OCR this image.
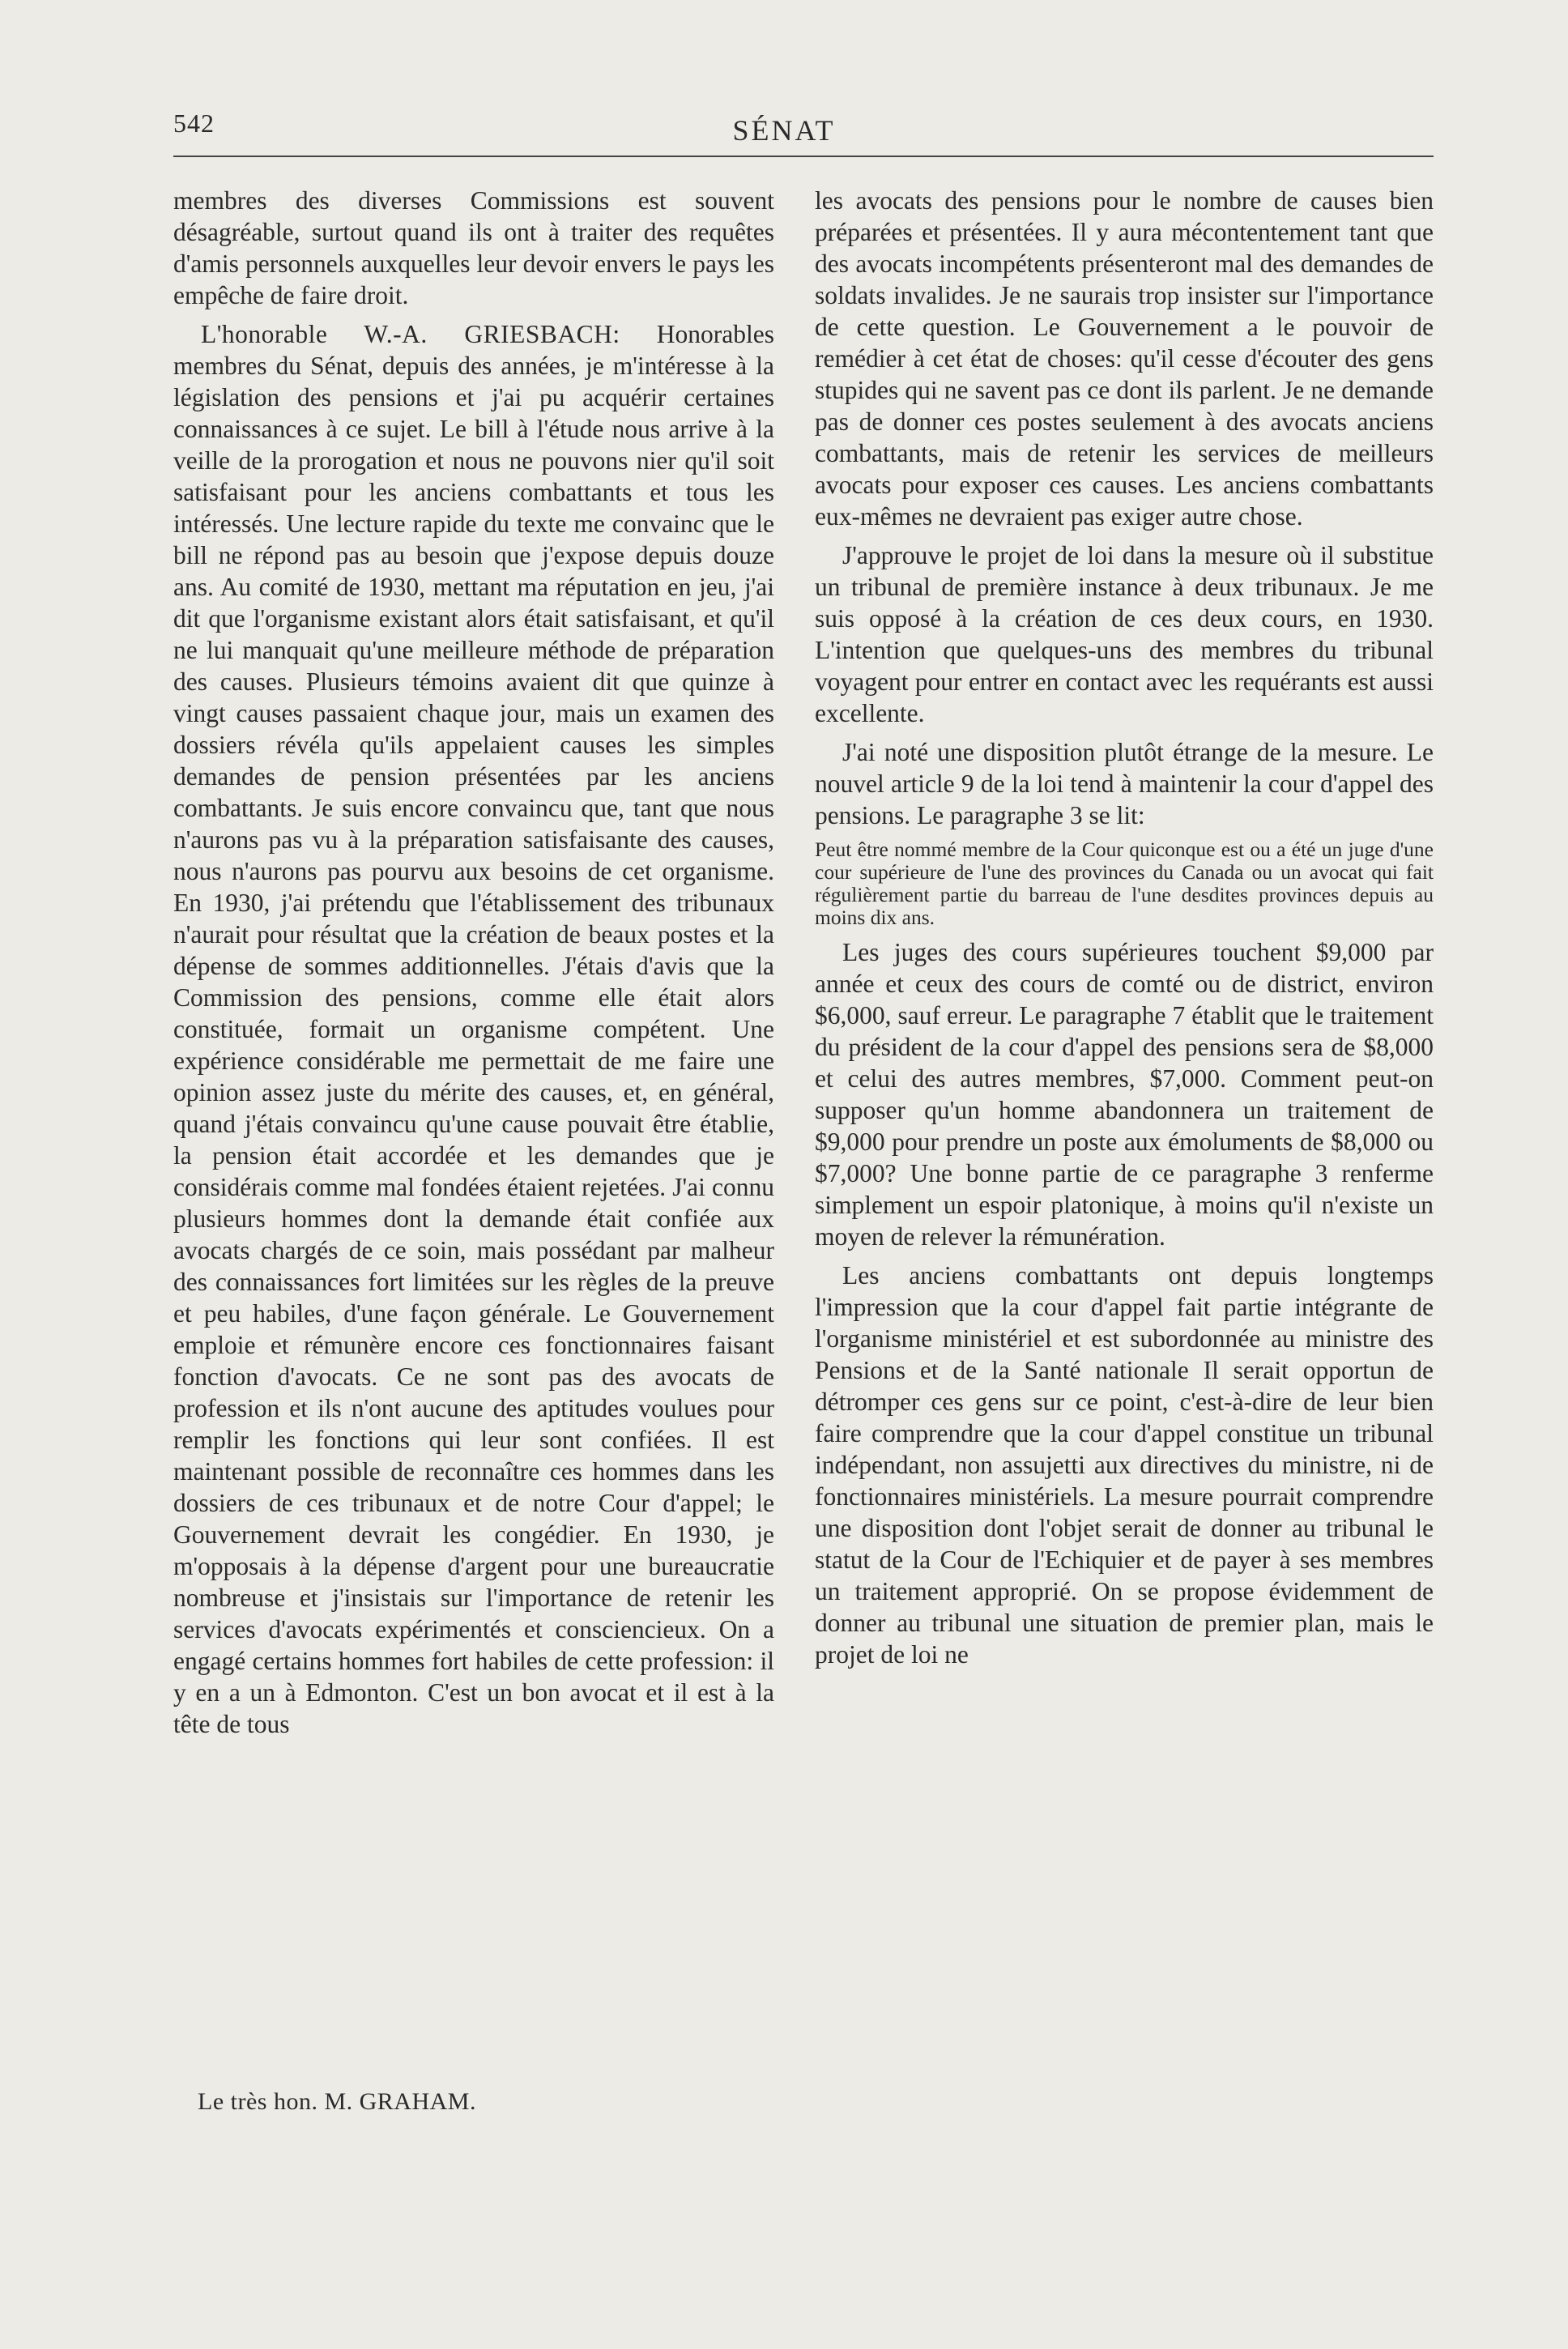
542	SÉNAT

membres des diverses Commissions est souvent désagréable, surtout quand ils ont à traiter des requêtes d'amis personnels auxquelles leur devoir envers le pays les empêche de faire droit.

L'honorable W.-A. GRIESBACH: Honorables membres du Sénat, depuis des années, je m'intéresse à la législation des pensions et j'ai pu acquérir certaines connaissances à ce sujet. Le bill à l'étude nous arrive à la veille de la prorogation et nous ne pouvons nier qu'il soit satisfaisant pour les anciens combattants et tous les intéressés. Une lecture rapide du texte me convainc que le bill ne répond pas au besoin que j'expose depuis douze ans. Au comité de 1930, mettant ma réputation en jeu, j'ai dit que l'organisme existant alors était satisfaisant, et qu'il ne lui manquait qu'une meilleure méthode de préparation des causes. Plusieurs témoins avaient dit que quinze à vingt causes passaient chaque jour, mais un examen des dossiers révéla qu'ils appelaient causes les simples demandes de pension présentées par les anciens combattants. Je suis encore convaincu que, tant que nous n'aurons pas vu à la préparation satisfaisante des causes, nous n'aurons pas pourvu aux besoins de cet organisme. En 1930, j'ai prétendu que l'établissement des tribunaux n'aurait pour résultat que la création de beaux postes et la dépense de sommes additionnelles. J'étais d'avis que la Commission des pensions, comme elle était alors constituée, formait un organisme compétent. Une expérience considérable me permettait de me faire une opinion assez juste du mérite des causes, et, en général, quand j'étais convaincu qu'une cause pouvait être établie, la pension était accordée et les demandes que je considérais comme mal fondées étaient rejetées. J'ai connu plusieurs hommes dont la demande était confiée aux avocats chargés de ce soin, mais possédant par malheur des connaissances fort limitées sur les règles de la preuve et peu habiles, d'une façon générale. Le Gouvernement emploie et rémunère encore ces fonctionnaires faisant fonction d'avocats. Ce ne sont pas des avocats de profession et ils n'ont aucune des aptitudes voulues pour remplir les fonctions qui leur sont confiées. Il est maintenant possible de reconnaître ces hommes dans les dossiers de ces tribunaux et de notre Cour d'appel; le Gouvernement devrait les congédier. En 1930, je m'opposais à la dépense d'argent pour une bureaucratie nombreuse et j'insistais sur l'importance de retenir les services d'avocats expérimentés et consciencieux. On a engagé certains hommes fort habiles de cette profession: il y en a un à Edmonton. C'est un bon avocat et il est à la tête de tous

les avocats des pensions pour le nombre de causes bien préparées et présentées. Il y aura mécontentement tant que des avocats incompétents présenteront mal des demandes de soldats invalides. Je ne saurais trop insister sur l'importance de cette question. Le Gouvernement a le pouvoir de remédier à cet état de choses: qu'il cesse d'écouter des gens stupides qui ne savent pas ce dont ils parlent. Je ne demande pas de donner ces postes seulement à des avocats anciens combattants, mais de retenir les services de meilleurs avocats pour exposer ces causes. Les anciens combattants eux-mêmes ne devraient pas exiger autre chose.

J'approuve le projet de loi dans la mesure où il substitue un tribunal de première instance à deux tribunaux. Je me suis opposé à la création de ces deux cours, en 1930. L'intention que quelques-uns des membres du tribunal voyagent pour entrer en contact avec les requérants est aussi excellente.

J'ai noté une disposition plutôt étrange de la mesure. Le nouvel article 9 de la loi tend à maintenir la cour d'appel des pensions. Le paragraphe 3 se lit:

Peut être nommé membre de la Cour quiconque est ou a été un juge d'une cour supérieure de l'une des provinces du Canada ou un avocat qui fait régulièrement partie du barreau de l'une desdites provinces depuis au moins dix ans.

Les juges des cours supérieures touchent $9,000 par année et ceux des cours de comté ou de district, environ $6,000, sauf erreur. Le paragraphe 7 établit que le traitement du président de la cour d'appel des pensions sera de $8,000 et celui des autres membres, $7,000. Comment peut-on supposer qu'un homme abandonnera un traitement de $9,000 pour prendre un poste aux émoluments de $8,000 ou $7,000? Une bonne partie de ce paragraphe 3 renferme simplement un espoir platonique, à moins qu'il n'existe un moyen de relever la rémunération.

Les anciens combattants ont depuis longtemps l'impression que la cour d'appel fait partie intégrante de l'organisme ministériel et est subordonnée au ministre des Pensions et de la Santé nationale Il serait opportun de détromper ces gens sur ce point, c'est-à-dire de leur bien faire comprendre que la cour d'appel constitue un tribunal indépendant, non assujetti aux directives du ministre, ni de fonctionnaires ministériels. La mesure pourrait comprendre une disposition dont l'objet serait de donner au tribunal le statut de la Cour de l'Echiquier et de payer à ses membres un traitement approprié. On se propose évidemment de donner au tribunal une situation de premier plan, mais le projet de loi ne

Le très hon. M. GRAHAM.
